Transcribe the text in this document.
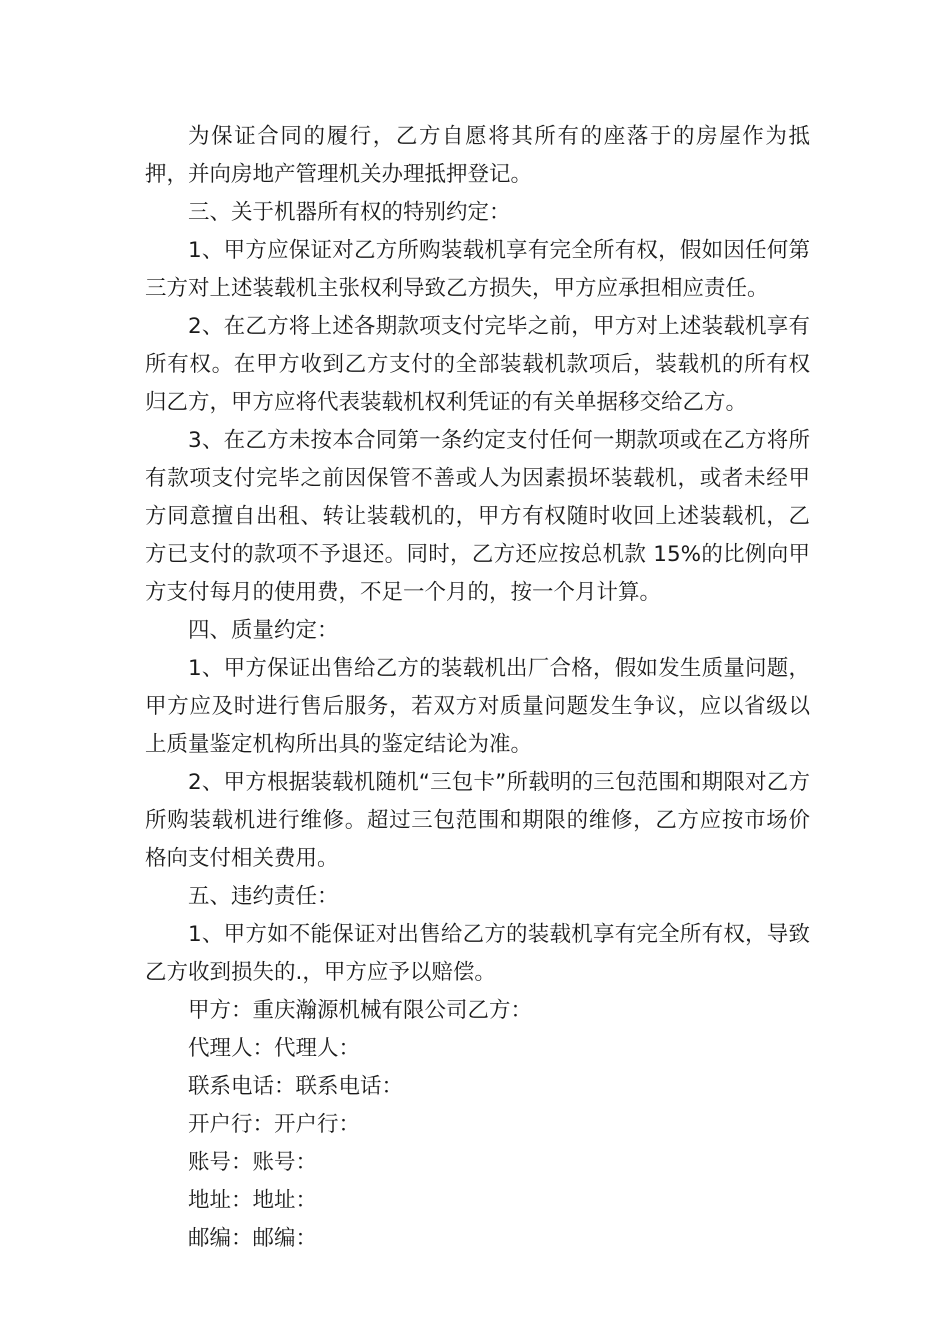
为保证合同的履行，乙方自愿将其所有的座落于的房屋作为抵押，并向房地产管理机关办理抵押登记。

三、关于机器所有权的特别约定：

1、甲方应保证对乙方所购装载机享有完全所有权，假如因任何第三方对上述装载机主张权利导致乙方损失，甲方应承担相应责任。

2、在乙方将上述各期款项支付完毕之前，甲方对上述装载机享有所有权。在甲方收到乙方支付的全部装载机款项后，装载机的所有权归乙方，甲方应将代表装载机权利凭证的有关单据移交给乙方。

3、在乙方未按本合同第一条约定支付任何一期款项或在乙方将所有款项支付完毕之前因保管不善或人为因素损坏装载机，或者未经甲方同意擅自出租、转让装载机的，甲方有权随时收回上述装载机，乙方已支付的款项不予退还。同时，乙方还应按总机款 15%的比例向甲方支付每月的使用费，不足一个月的，按一个月计算。

四、质量约定：

1、甲方保证出售给乙方的装载机出厂合格，假如发生质量问题，甲方应及时进行售后服务，若双方对质量问题发生争议，应以省级以上质量鉴定机构所出具的鉴定结论为准。

2、甲方根据装载机随机“三包卡”所载明的三包范围和期限对乙方所购装载机进行维修。超过三包范围和期限的维修，乙方应按市场价格向支付相关费用。

五、违约责任：

1、甲方如不能保证对出售给乙方的装载机享有完全所有权，导致乙方收到损失的.，甲方应予以赔偿。

甲方：重庆瀚源机械有限公司乙方：

代理人：代理人：

联系电话：联系电话：

开户行：开户行：

账号：账号：

地址：地址：

邮编：邮编：
